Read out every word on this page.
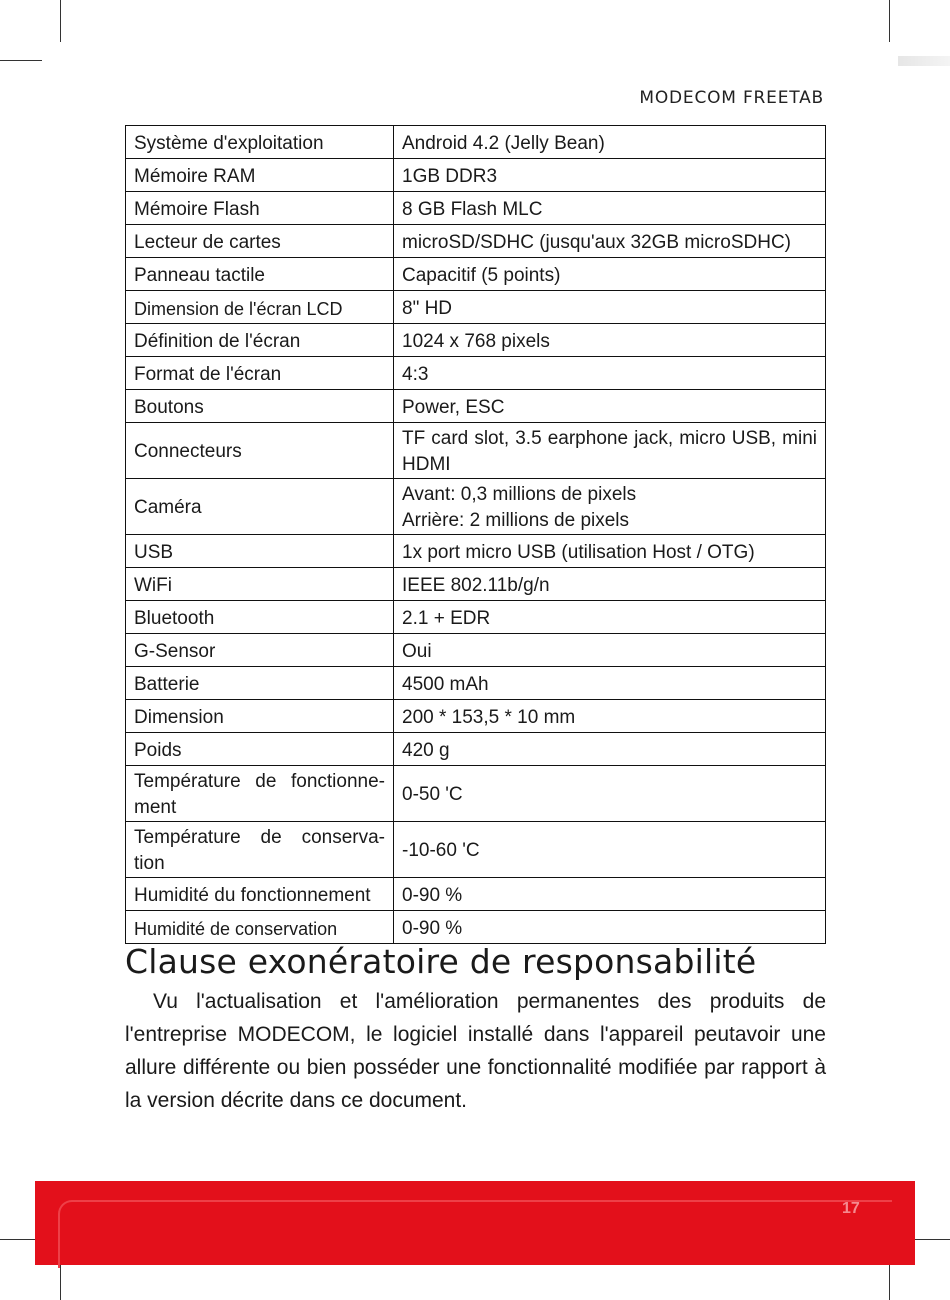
MODECOM FREETAB
Système d'exploitation	Android 4.2 (Jelly Bean)
Mémoire RAM	1GB DDR3
Mémoire Flash	8 GB Flash MLC
Lecteur de cartes	microSD/SDHC (jusqu'aux 32GB microSDHC)
Panneau tactile	Capacitif (5 points)
Dimension de l'écran LCD	8" HD
Définition de l'écran	1024 x 768 pixels
Format de l'écran	4:3
Boutons	Power, ESC
Connecteurs	TF card slot, 3.5 earphone jack, micro USB, mini HDMI
Caméra	Avant: 0,3 millions de pixels
Arrière: 2 millions de pixels

USB	1x port micro USB (utilisation Host / OTG)
WiFi	IEEE 802.11b/g/n
Bluetooth	2.1 + EDR
G-Sensor	Oui
Batterie	4500 mAh
Dimension	200 * 153,5 * 10 mm
Poids	420 g
Température de fonctionne-ment	0-50 'C
Température de conserva-tion	-10-60 'C
Humidité du fonctionnement	0-90 %
Humidité de conservation	0-90 %
Clause exonératoire de responsabilité

Vu l'actualisation et l'amélioration permanentes des produits de l'entreprise MODECOM, le logiciel installé dans l'appareil peutavoir une allure différente ou bien posséder une fonctionnalité modifiée par rapport à la version décrite dans ce document.

17
